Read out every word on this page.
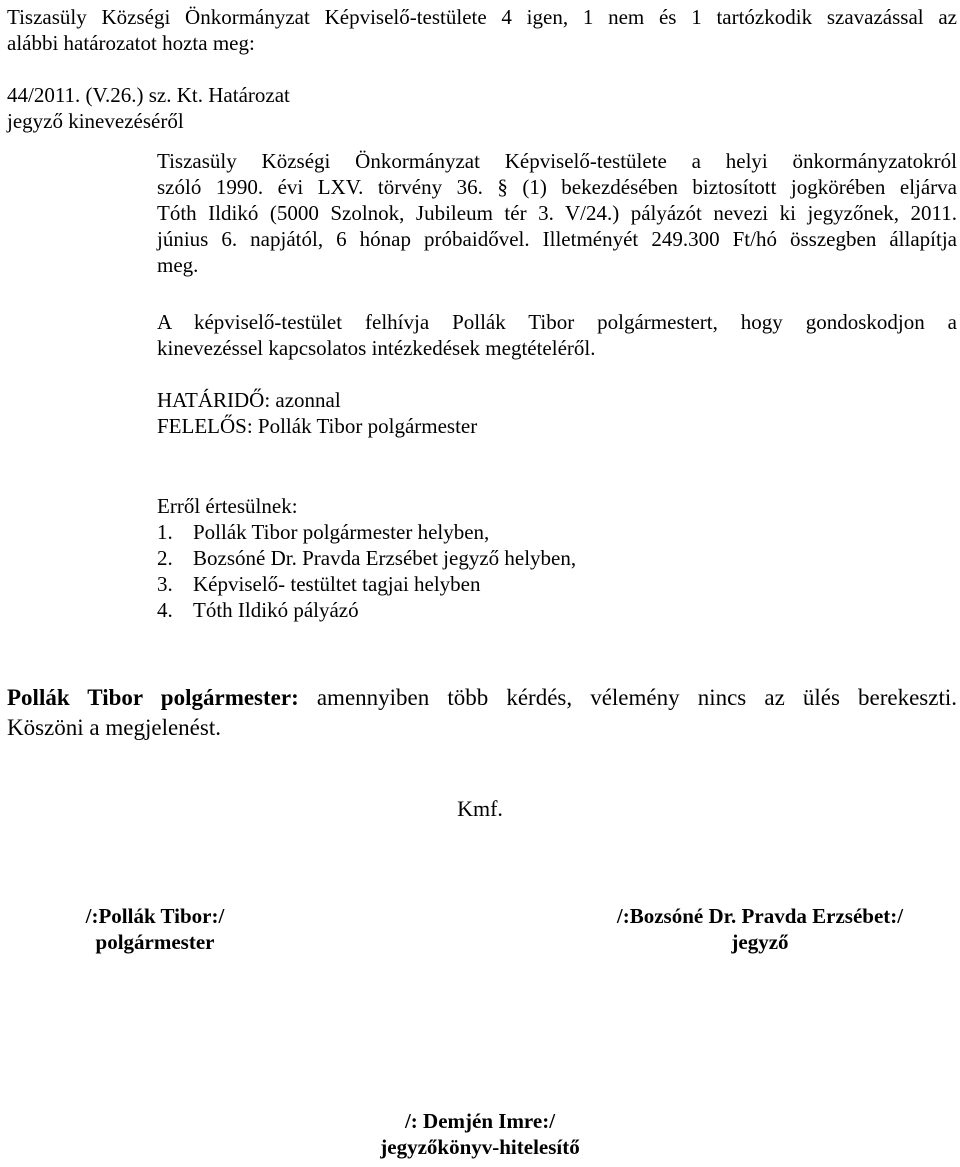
Tiszasüly Községi Önkormányzat Képviselő-testülete 4 igen, 1 nem és 1 tartózkodik szavazással az
alábbi határozatot hozta meg:
44/2011. (V.26.) sz. Kt. Határozat
jegyző kinevezéséről
Tiszasüly Községi Önkormányzat Képviselő-testülete a helyi önkormányzatokról
szóló 1990. évi LXV. törvény 36. § (1) bekezdésében biztosított jogkörében eljárva
Tóth Ildikó (5000 Szolnok, Jubileum tér 3. V/24.) pályázót nevezi ki jegyzőnek, 2011.
június 6. napjától, 6 hónap próbaidővel. Illetményét 249.300 Ft/hó összegben állapítja
meg.
A képviselő-testület felhívja Pollák Tibor polgármestert, hogy gondoskodjon a
kinevezéssel kapcsolatos intézkedések megtételéről.
HATÁRIDŐ: azonnal
FELELŐS: Pollák Tibor polgármester
Erről értesülnek:
1. Pollák Tibor polgármester helyben,
2. Bozsóné Dr. Pravda Erzsébet jegyző helyben,
3. Képviselő- testültet tagjai helyben
4. Tóth Ildikó pályázó
Pollák Tibor polgármester: amennyiben több kérdés, vélemény nincs az ülés berekeszti.
Köszöni a megjelenést.
Kmf.
/:Pollák Tibor:/
polgármester
/:Bozsóné Dr. Pravda Erzsébet:/
jegyző
/: Demjén Imre:/
jegyzőkönyv-hitelesítő
